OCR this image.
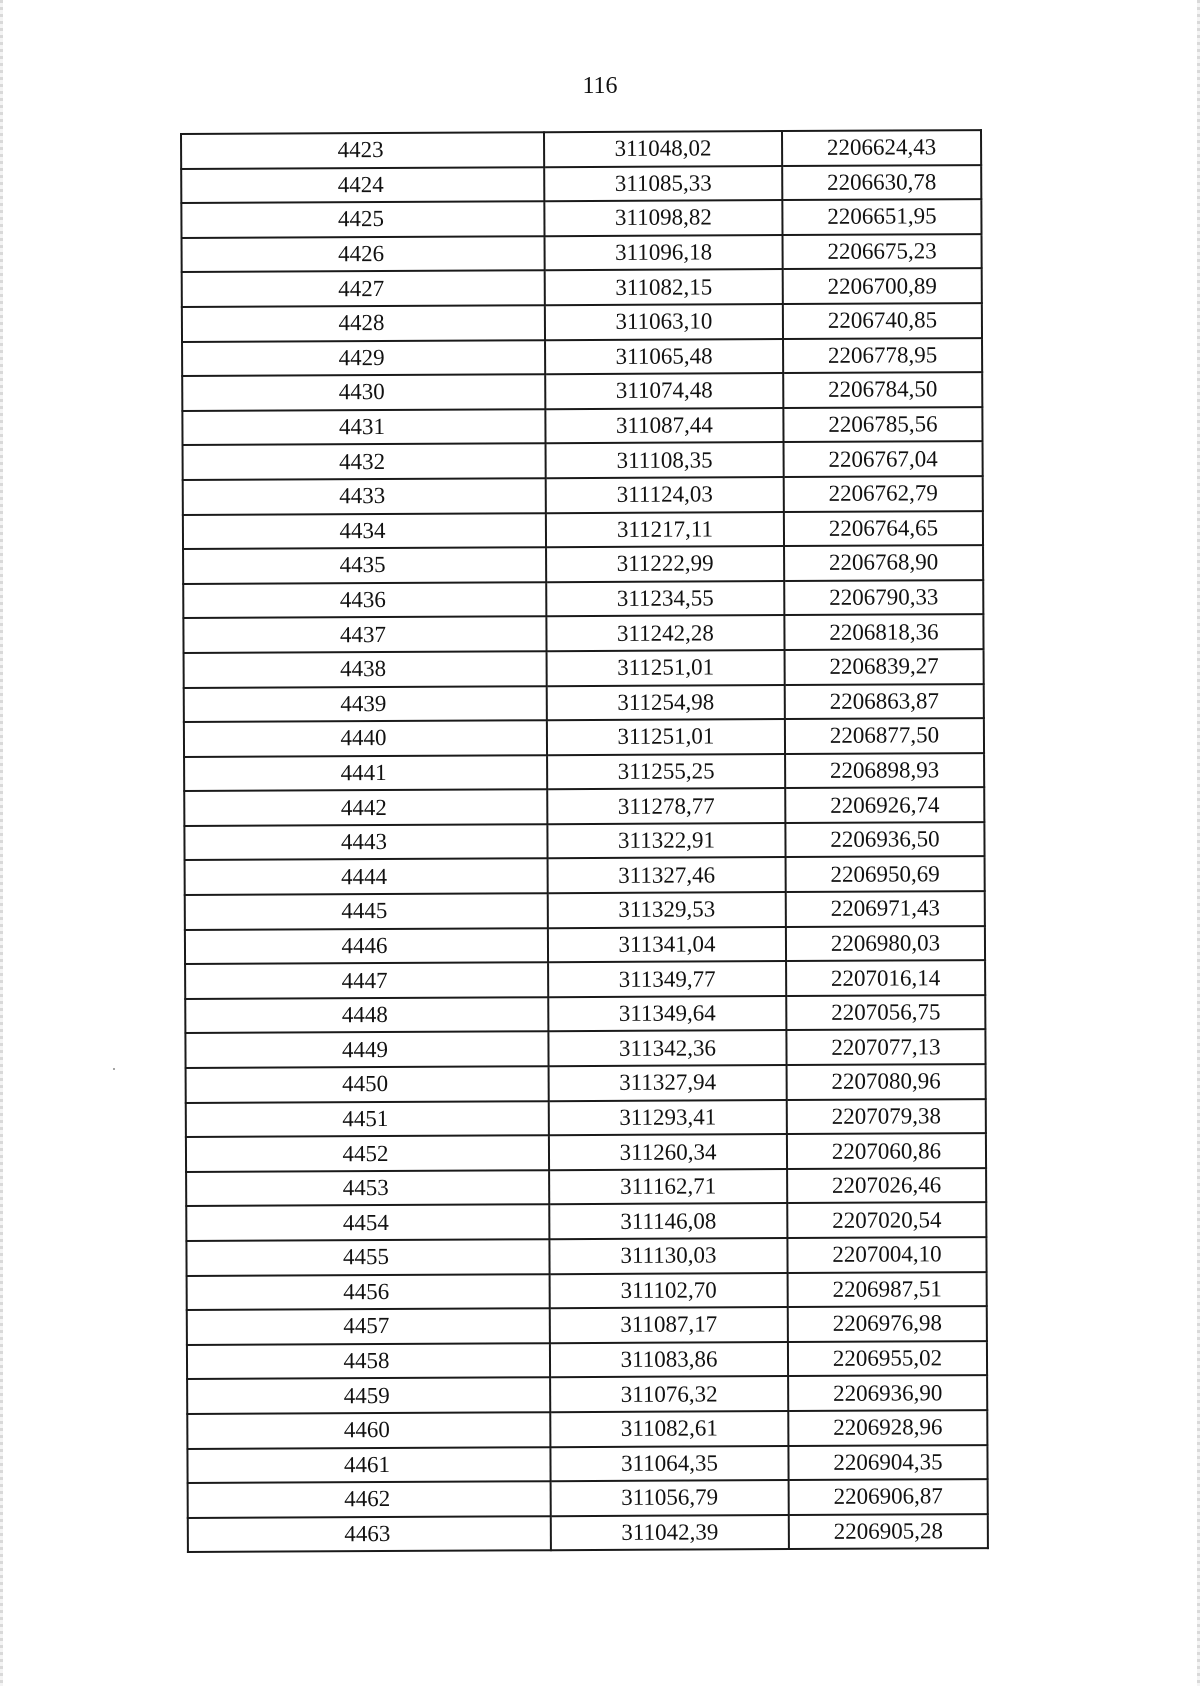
116
4423	311048,02	2206624,43
4424	311085,33	2206630,78
4425	311098,82	2206651,95
4426	311096,18	2206675,23
4427	311082,15	2206700,89
4428	311063,10	2206740,85
4429	311065,48	2206778,95
4430	311074,48	2206784,50
4431	311087,44	2206785,56
4432	311108,35	2206767,04
4433	311124,03	2206762,79
4434	311217,11	2206764,65
4435	311222,99	2206768,90
4436	311234,55	2206790,33
4437	311242,28	2206818,36
4438	311251,01	2206839,27
4439	311254,98	2206863,87
4440	311251,01	2206877,50
4441	311255,25	2206898,93
4442	311278,77	2206926,74
4443	311322,91	2206936,50
4444	311327,46	2206950,69
4445	311329,53	2206971,43
4446	311341,04	2206980,03
4447	311349,77	2207016,14
4448	311349,64	2207056,75
4449	311342,36	2207077,13
4450	311327,94	2207080,96
4451	311293,41	2207079,38
4452	311260,34	2207060,86
4453	311162,71	2207026,46
4454	311146,08	2207020,54
4455	311130,03	2207004,10
4456	311102,70	2206987,51
4457	311087,17	2206976,98
4458	311083,86	2206955,02
4459	311076,32	2206936,90
4460	311082,61	2206928,96
4461	311064,35	2206904,35
4462	311056,79	2206906,87
4463	311042,39	2206905,28
